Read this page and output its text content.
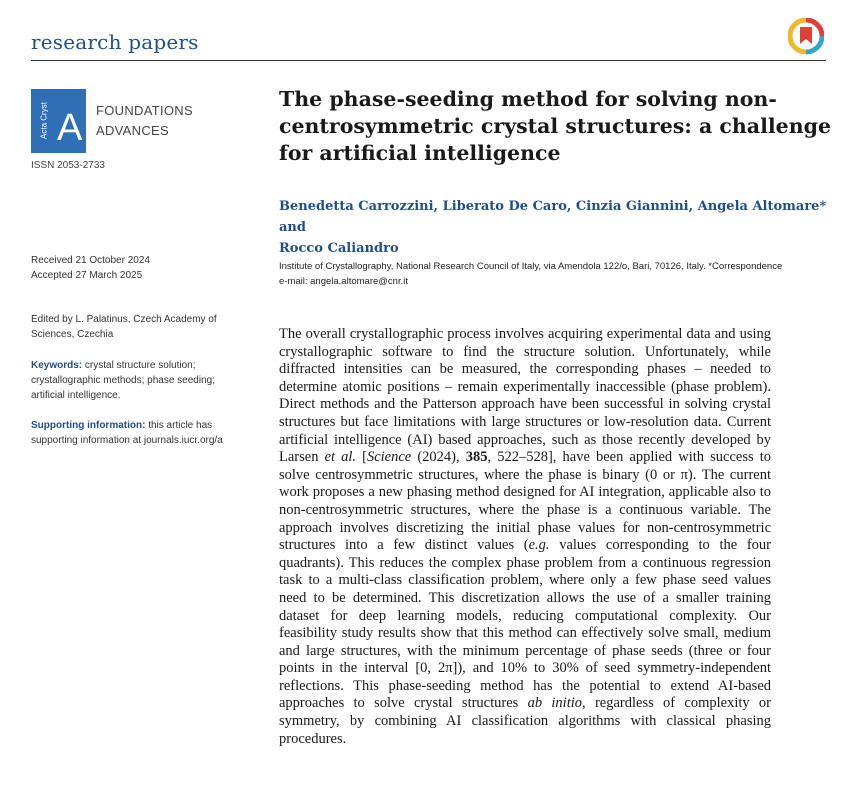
research papers
Acta Cryst A FOUNDATIONS
ADVANCES
ISSN 2053-2733
Received 21 October 2024
Accepted 27 March 2025
Edited by L. Palatinus, Czech Academy of Sciences, Czechia
Keywords: crystal structure solution; crystallographic methods; phase seeding; artificial intelligence.
Supporting information: this article has supporting information at journals.iucr.org/a
The phase-seeding method for solving non-centrosymmetric crystal structures: a challenge for artificial intelligence
Benedetta Carrozzini, Liberato De Caro, Cinzia Giannini, Angela Altomare* and
Rocco Caliandro
Institute of Crystallography, National Research Council of Italy, via Amendola 122/o, Bari, 70126, Italy. *Correspondence
e-mail: angela.altomare@cnr.it

The overall crystallographic process involves acquiring experimental data and using crystallographic software to find the structure solution. Unfortunately, while diffracted intensities can be measured, the corresponding phases – needed to determine atomic positions – remain experimentally inaccessible (phase problem). Direct methods and the Patterson approach have been successful in solving crystal structures but face limitations with large structures or low-resolution data. Current artificial intelligence (AI) based approaches, such as those recently developed by Larsen et al. [Science (2024), 385, 522–528], have been applied with success to solve centrosymmetric structures, where the phase is binary (0 or π). The current work proposes a new phasing method designed for AI integration, applicable also to non-centrosymmetric structures, where the phase is a continuous variable. The approach involves discretizing the initial phase values for non-centrosymmetric structures into a few distinct values (e.g. values corresponding to the four quadrants). This reduces the complex phase problem from a continuous regression task to a multi-class classification problem, where only a few phase seed values need to be determined. This discretization allows the use of a smaller training dataset for deep learning models, reducing computational complexity. Our feasibility study results show that this method can effectively solve small, medium and large structures, with the minimum percentage of phase seeds (three or four points in the interval [0, 2π]), and 10% to 30% of seed symmetry-independent reflections. This phase-seeding method has the potential to extend AI-based approaches to solve crystal structures ab initio, regardless of complexity or symmetry, by combining AI classification algorithms with classical phasing procedures.
